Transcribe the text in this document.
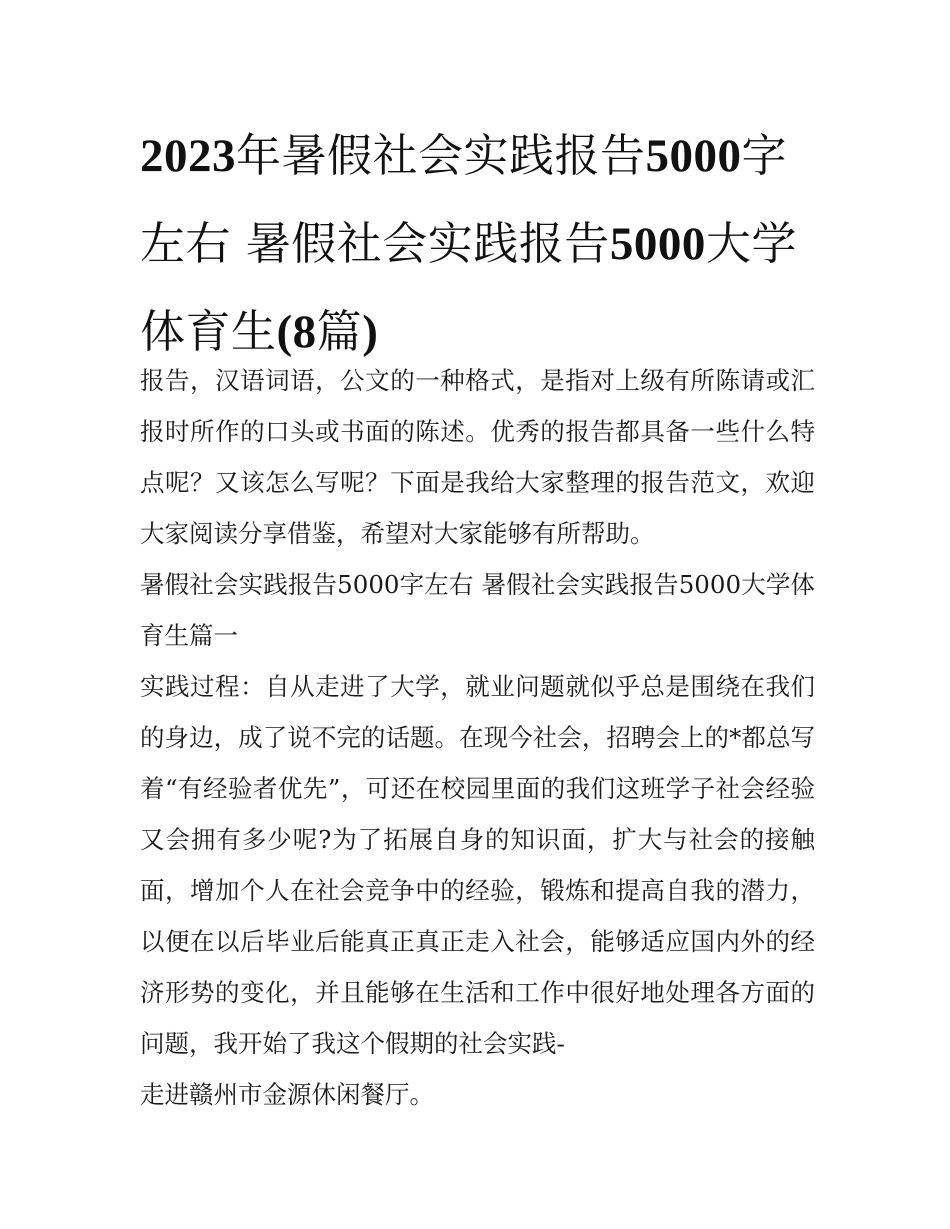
2023年暑假社会实践报告5000字左右 暑假社会实践报告5000大学体育生(8篇)

报告，汉语词语，公文的一种格式，是指对上级有所陈请或汇报时所作的口头或书面的陈述。优秀的报告都具备一些什么特点呢？又该怎么写呢？下面是我给大家整理的报告范文，欢迎大家阅读分享借鉴，希望对大家能够有所帮助。

暑假社会实践报告5000字左右 暑假社会实践报告5000大学体育生篇一

实践过程：自从走进了大学，就业问题就似乎总是围绕在我们的身边，成了说不完的话题。在现今社会，招聘会上的*都总写着“有经验者优先”，可还在校园里面的我们这班学子社会经验又会拥有多少呢?为了拓展自身的知识面，扩大与社会的接触面，增加个人在社会竞争中的经验，锻炼和提高自我的潜力，以便在以后毕业后能真正真正走入社会，能够适应国内外的经济形势的变化，并且能够在生活和工作中很好地处理各方面的问题，我开始了我这个假期的社会实践-

走进赣州市金源休闲餐厅。
